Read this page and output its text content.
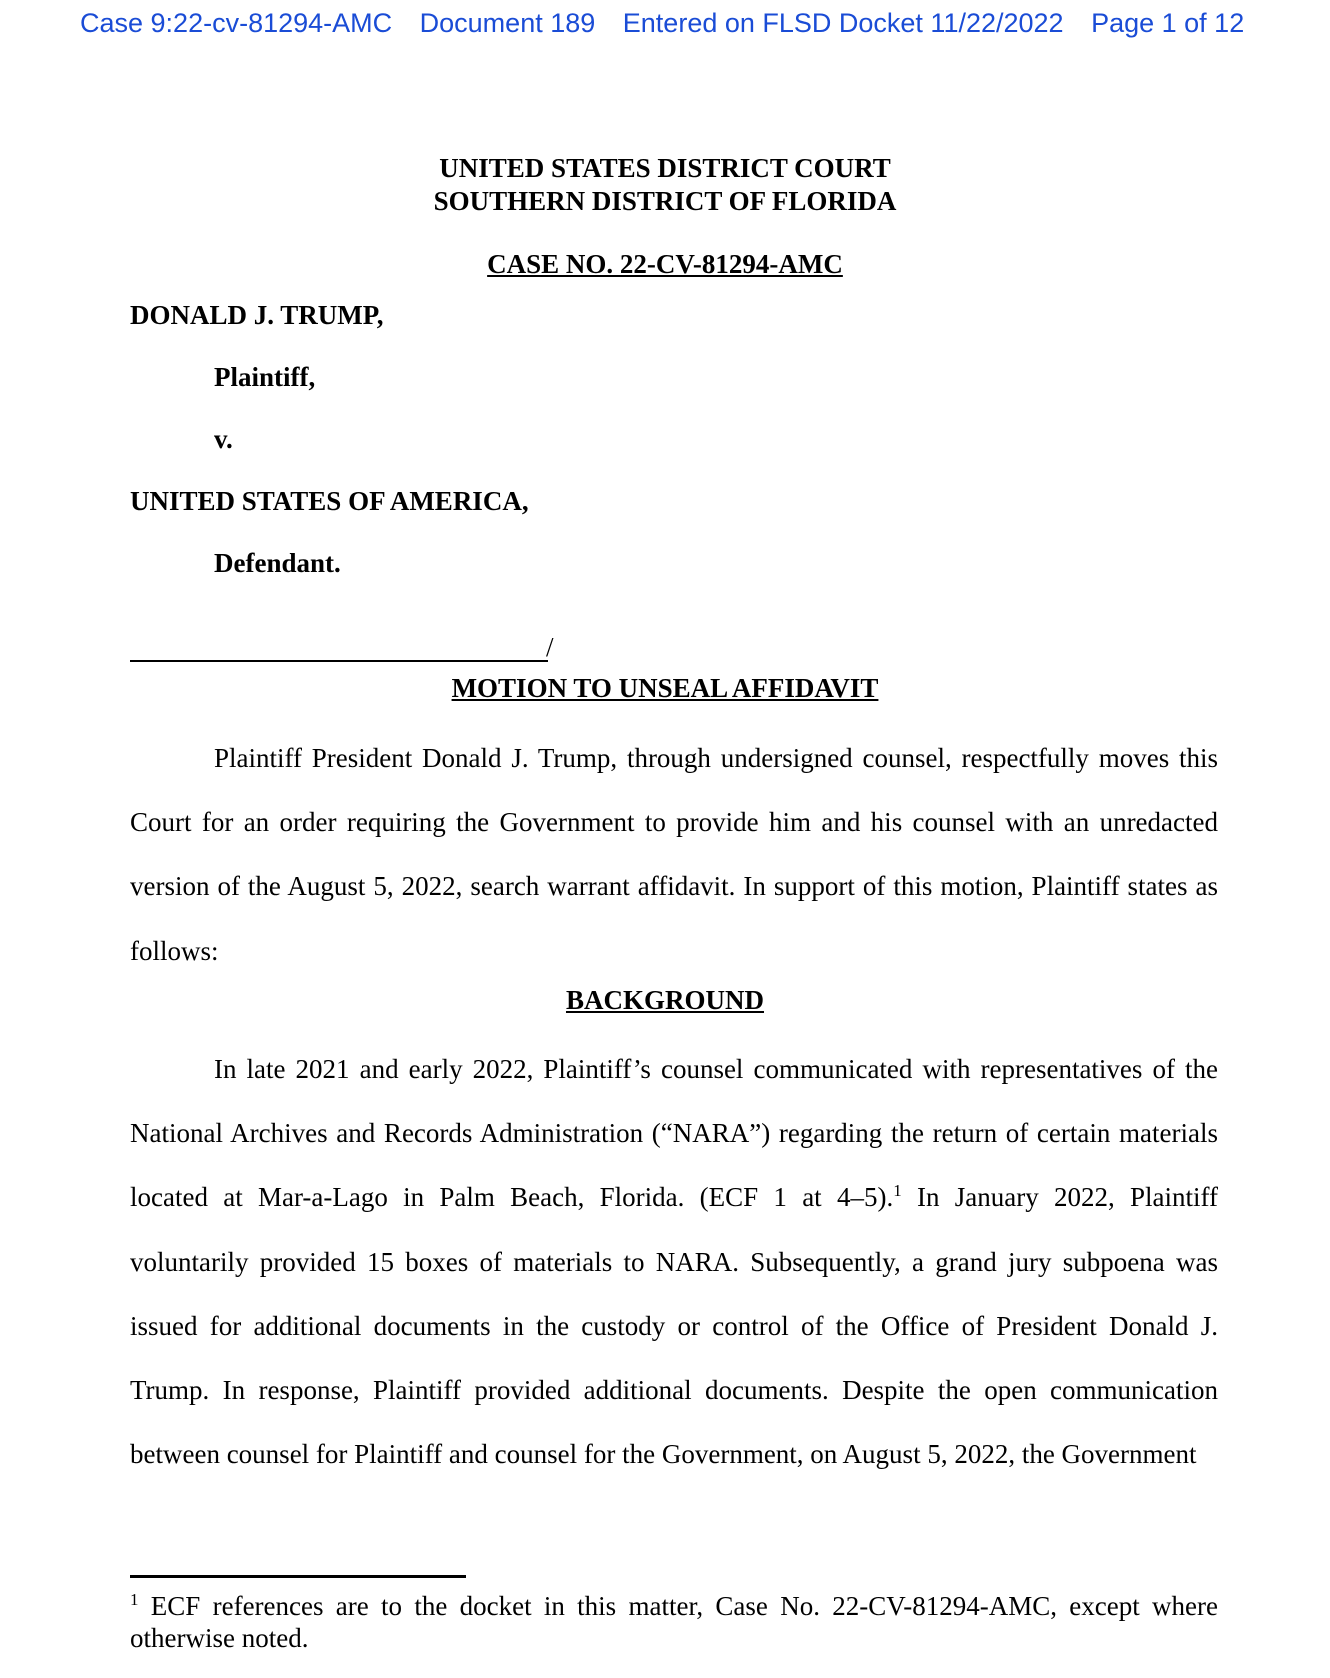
Case 9:22-cv-81294-AMC Document 189 Entered on FLSD Docket 11/22/2022 Page 1 of 12
UNITED STATES DISTRICT COURT
SOUTHERN DISTRICT OF FLORIDA
CASE NO. 22-CV-81294-AMC
DONALD J. TRUMP,
Plaintiff,
v.
UNITED STATES OF AMERICA,
Defendant.
/
MOTION TO UNSEAL AFFIDAVIT

Plaintiff President Donald J. Trump, through undersigned counsel, respectfully moves this Court for an order requiring the Government to provide him and his counsel with an unredacted version of the August 5, 2022, search warrant affidavit. In support of this motion, Plaintiff states as follows:

BACKGROUND

In late 2021 and early 2022, Plaintiff’s counsel communicated with representatives of the National Archives and Records Administration (“NARA”) regarding the return of certain materials located at Mar-a-Lago in Palm Beach, Florida. (ECF 1 at 4–5).$^1$ In January 2022, Plaintiff voluntarily provided 15 boxes of materials to NARA. Subsequently, a grand jury subpoena was issued for additional documents in the custody or control of the Office of President Donald J. Trump. In response, Plaintiff provided additional documents. Despite the open communication between counsel for Plaintiff and counsel for the Government, on August 5, 2022, the Government

$^1$ ECF references are to the docket in this matter, Case No. 22-CV-81294-AMC, except where otherwise noted.
